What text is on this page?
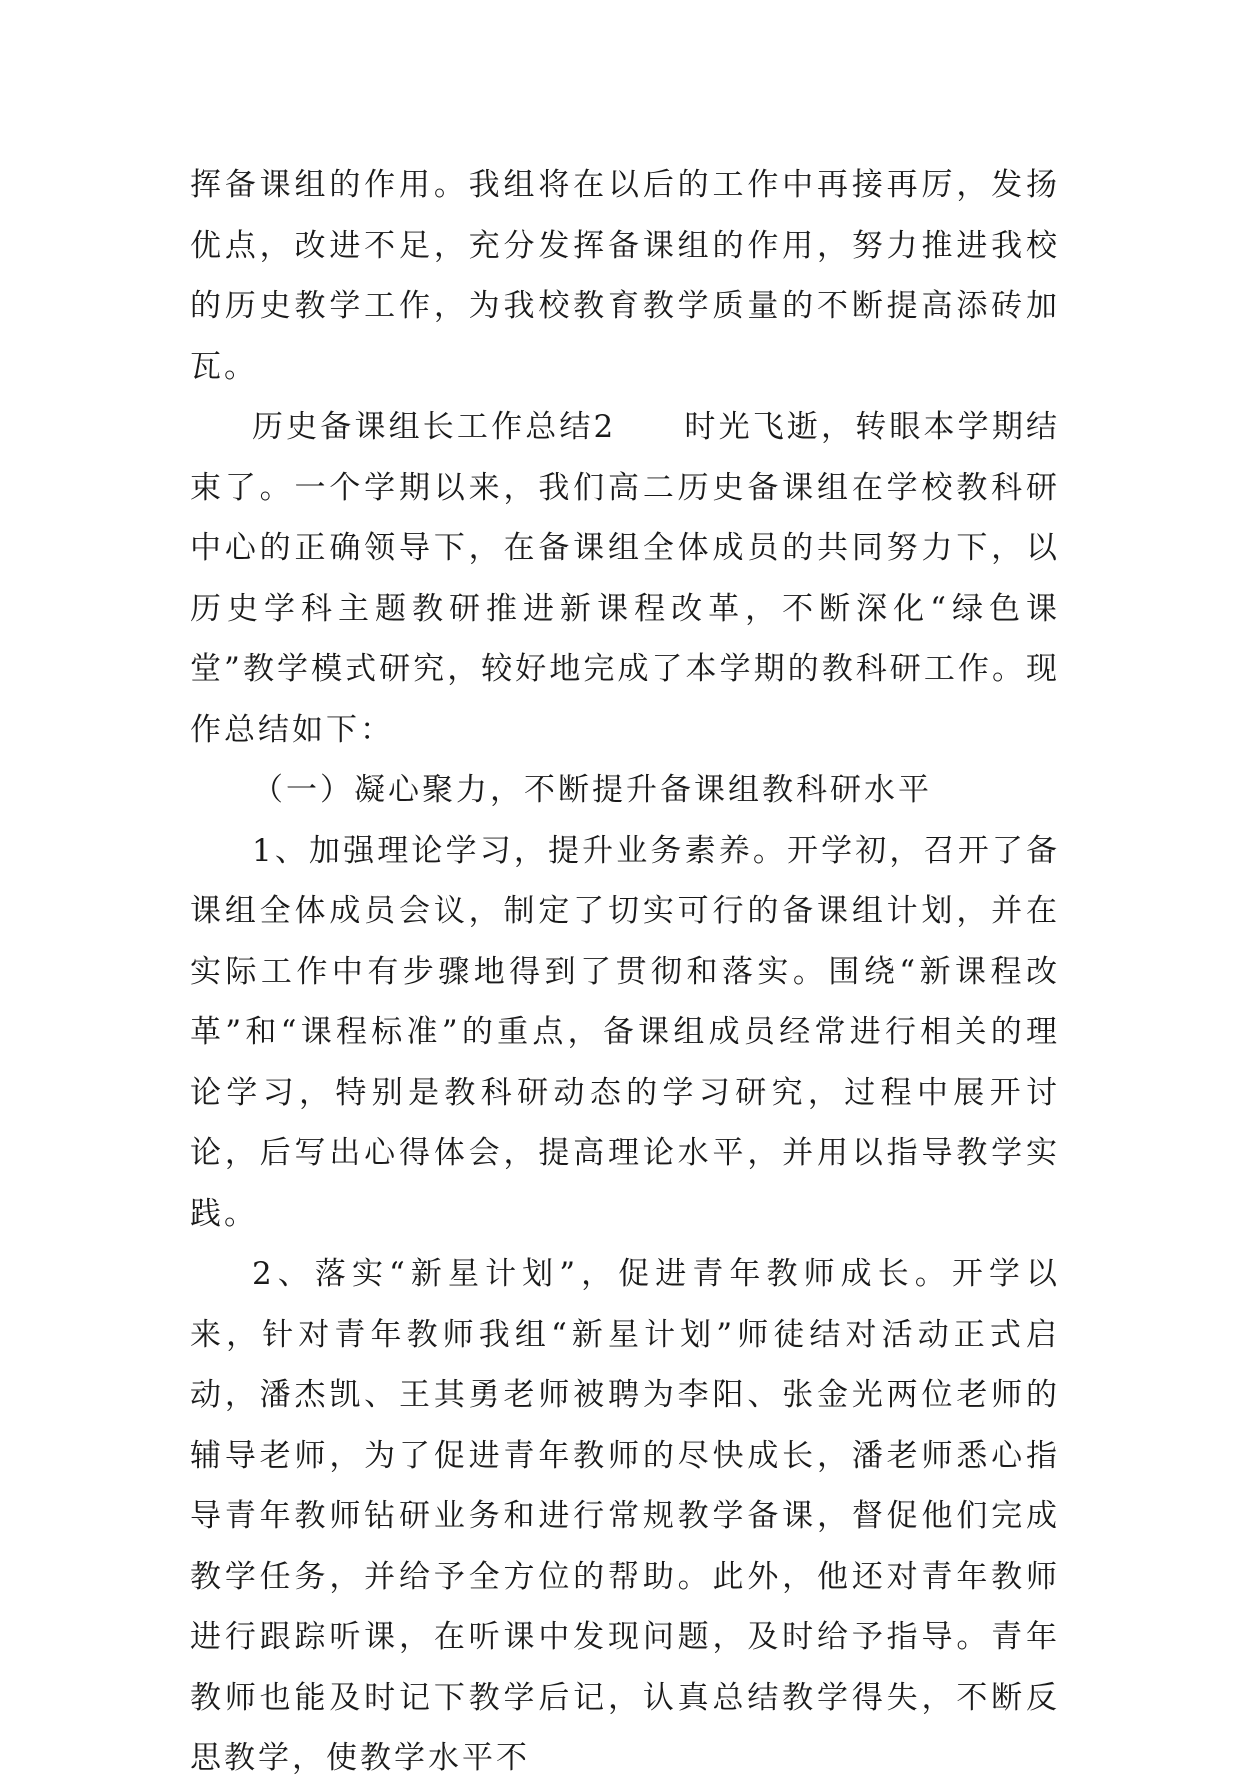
挥备课组的作用。我组将在以后的工作中再接再厉，发扬优点，改进不足，充分发挥备课组的作用，努力推进我校的历史教学工作，为我校教育教学质量的不断提高添砖加瓦。

历史备课组长工作总结2 时光飞逝，转眼本学期结束了。一个学期以来，我们高二历史备课组在学校教科研中心的正确领导下，在备课组全体成员的共同努力下，以历史学科主题教研推进新课程改革，不断深化“绿色课堂”教学模式研究，较好地完成了本学期的教科研工作。现作总结如下：

（一）凝心聚力，不断提升备课组教科研水平

1、加强理论学习，提升业务素养。开学初，召开了备课组全体成员会议，制定了切实可行的备课组计划，并在实际工作中有步骤地得到了贯彻和落实。围绕“新课程改革”和“课程标准”的重点，备课组成员经常进行相关的理论学习，特别是教科研动态的学习研究，过程中展开讨论，后写出心得体会，提高理论水平，并用以指导教学实践。

2、落实“新星计划”，促进青年教师成长。开学以来，针对青年教师我组“新星计划”师徒结对活动正式启动，潘杰凯、王其勇老师被聘为李阳、张金光两位老师的辅导老师，为了促进青年教师的尽快成长，潘老师悉心指导青年教师钻研业务和进行常规教学备课，督促他们完成教学任务，并给予全方位的帮助。此外，他还对青年教师进行跟踪听课，在听课中发现问题，及时给予指导。青年教师也能及时记下教学后记，认真总结教学得失，不断反思教学，使教学水平不
